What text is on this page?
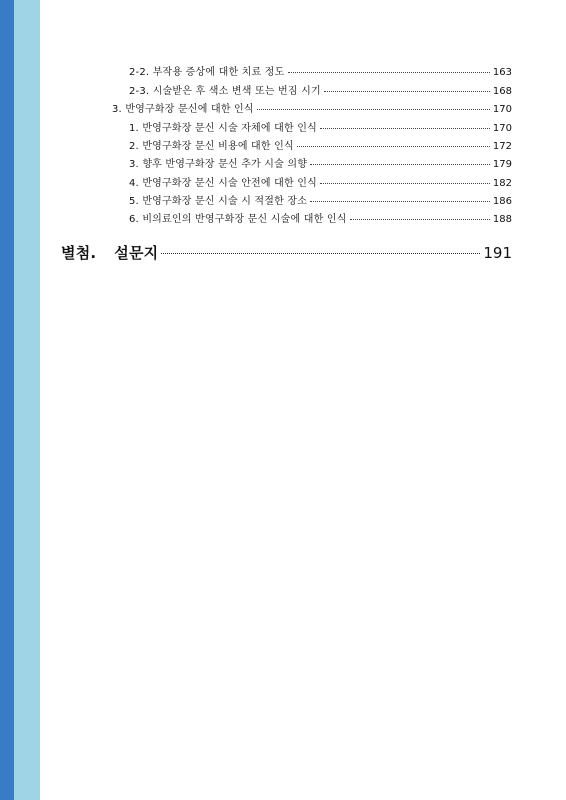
2-2. 부작용 증상에 대한 치료 정도	163
2-3. 시술받은 후 색소 변색 또는 번짐 시기	168
3. 반영구화장 문신에 대한 인식	170
1. 반영구화장 문신 시술 자체에 대한 인식	170
2. 반영구화장 문신 비용에 대한 인식	172
3. 향후 반영구화장 문신 추가 시술 의향	179
4. 반영구화장 문신 시술 안전에 대한 인식	182
5. 반영구화장 문신 시술 시 적절한 장소	186
6. 비의료인의 반영구화장 문신 시술에 대한 인식	188
별첨. 설문지	191
